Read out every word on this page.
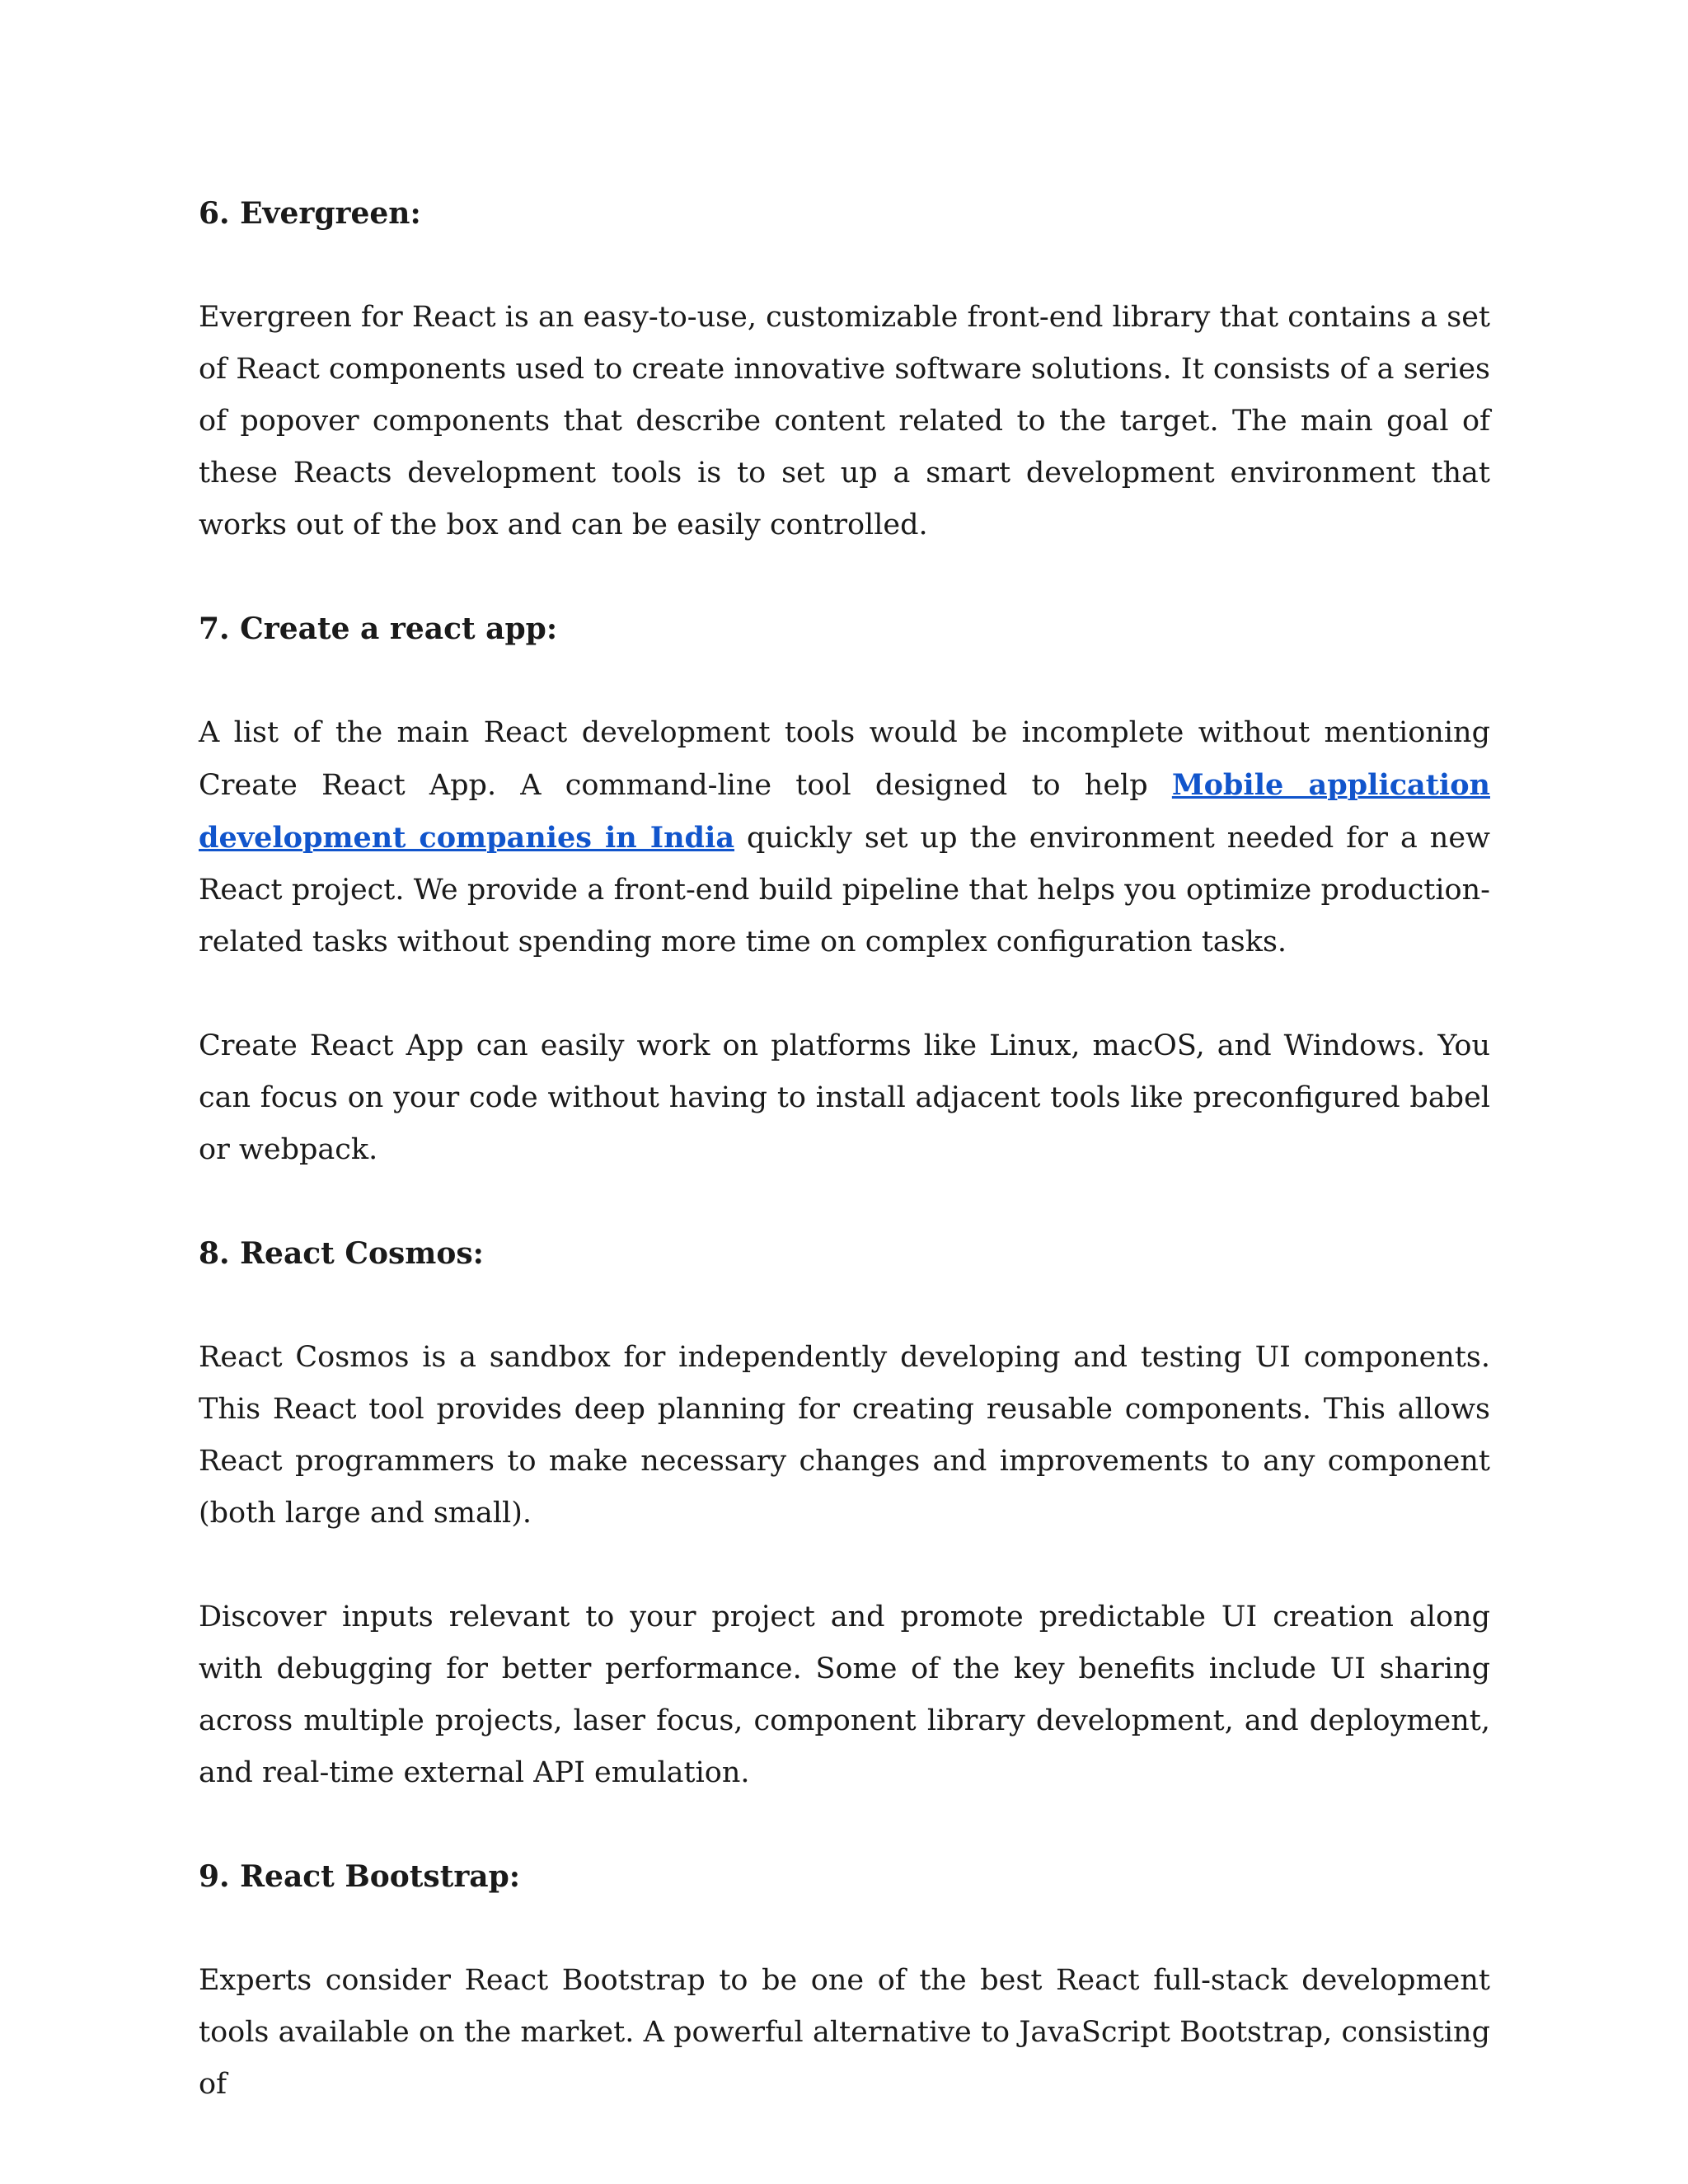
6. Evergreen:

Evergreen for React is an easy-to-use, customizable front-end library that contains a set of React components used to create innovative software solutions. It consists of a series of popover components that describe content related to the target. The main goal of these Reacts development tools is to set up a smart development environment that works out of the box and can be easily controlled.

7. Create a react app:

A list of the main React development tools would be incomplete without mentioning Create React App. A command-line tool designed to help Mobile application development companies in India quickly set up the environment needed for a new React project. We provide a front-end build pipeline that helps you optimize production-related tasks without spending more time on complex configuration tasks.

Create React App can easily work on platforms like Linux, macOS, and Windows. You can focus on your code without having to install adjacent tools like preconfigured babel or webpack.

8. React Cosmos:

React Cosmos is a sandbox for independently developing and testing UI components. This React tool provides deep planning for creating reusable components. This allows React programmers to make necessary changes and improvements to any component (both large and small).

Discover inputs relevant to your project and promote predictable UI creation along with debugging for better performance. Some of the key benefits include UI sharing across multiple projects, laser focus, component library development, and deployment, and real-time external API emulation.

9. React Bootstrap:

Experts consider React Bootstrap to be one of the best React full-stack development tools available on the market. A powerful alternative to JavaScript Bootstrap, consisting of
